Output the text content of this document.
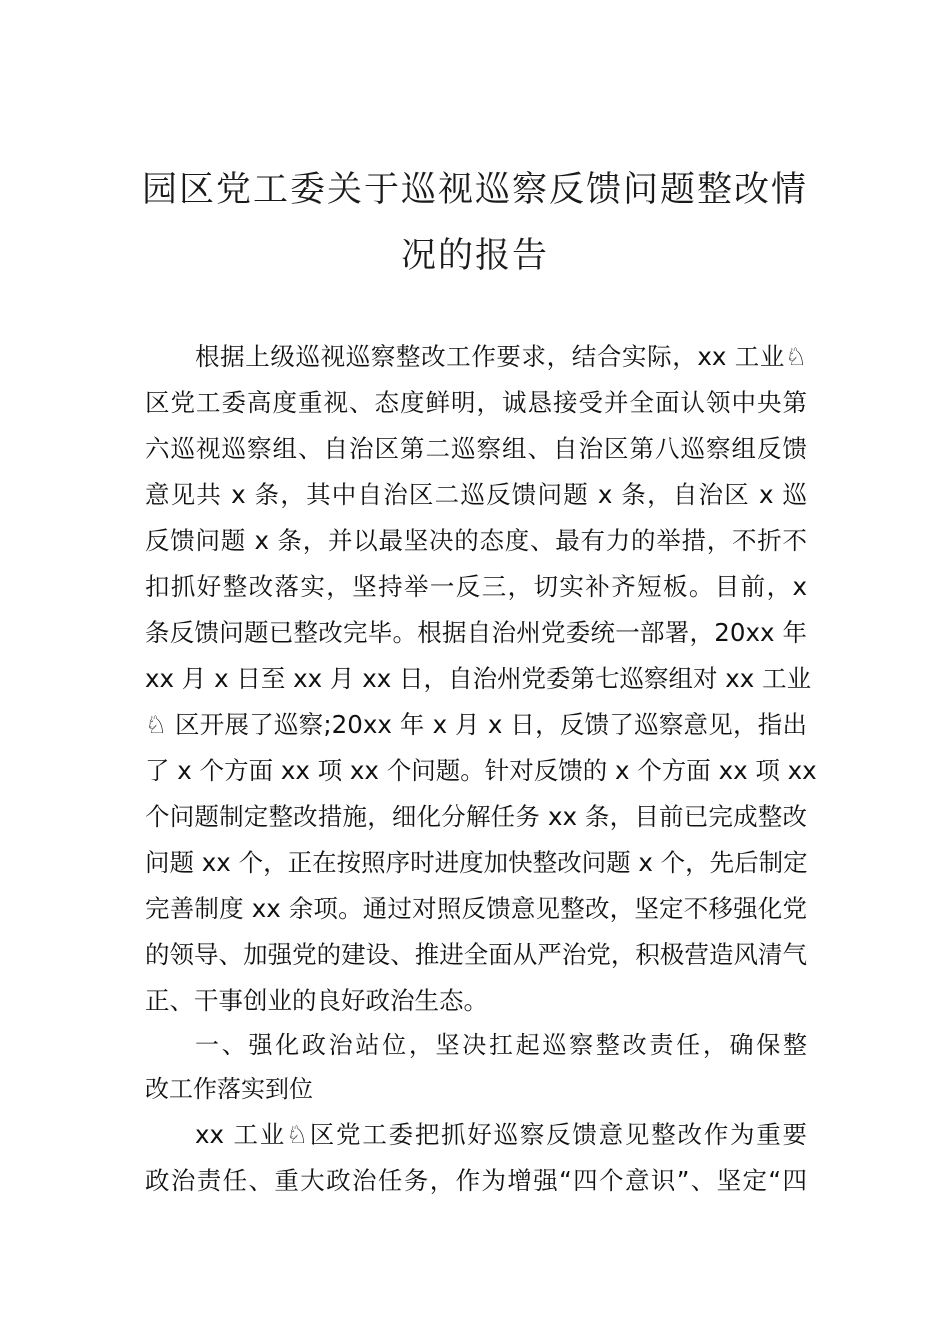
园区党工委关于巡视巡察反馈问题整改情
况的报告
根据上级巡视巡察整改工作要求，结合实际，xx 工业♘
区党工委高度重视、态度鲜明，诚恳接受并全面认领中央第
六巡视巡察组、自治区第二巡察组、自治区第八巡察组反馈
意见共 x 条，其中自治区二巡反馈问题 x 条，自治区 x 巡
反馈问题 x 条，并以最坚决的态度、最有力的举措，不折不
扣抓好整改落实，坚持举一反三，切实补齐短板。目前，x
条反馈问题已整改完毕。根据自治州党委统一部署，20xx 年
xx 月 x 日至 xx 月 xx 日，自治州党委第七巡察组对 xx 工业
♘ 区开展了巡察;20xx 年 x 月 x 日，反馈了巡察意见，指出
了 x 个方面 xx 项 xx 个问题。针对反馈的 x 个方面 xx 项 xx
个问题制定整改措施，细化分解任务 xx 条，目前已完成整改
问题 xx 个，正在按照序时进度加快整改问题 x 个，先后制定
完善制度 xx 余项。通过对照反馈意见整改，坚定不移强化党
的领导、加强党的建设、推进全面从严治党，积极营造风清气
正、干事创业的良好政治生态。
一、强化政治站位，坚决扛起巡察整改责任，确保整
改工作落实到位
xx 工业♘区党工委把抓好巡察反馈意见整改作为重要
政治责任、重大政治任务，作为增强“四个意识”、坚定“四
